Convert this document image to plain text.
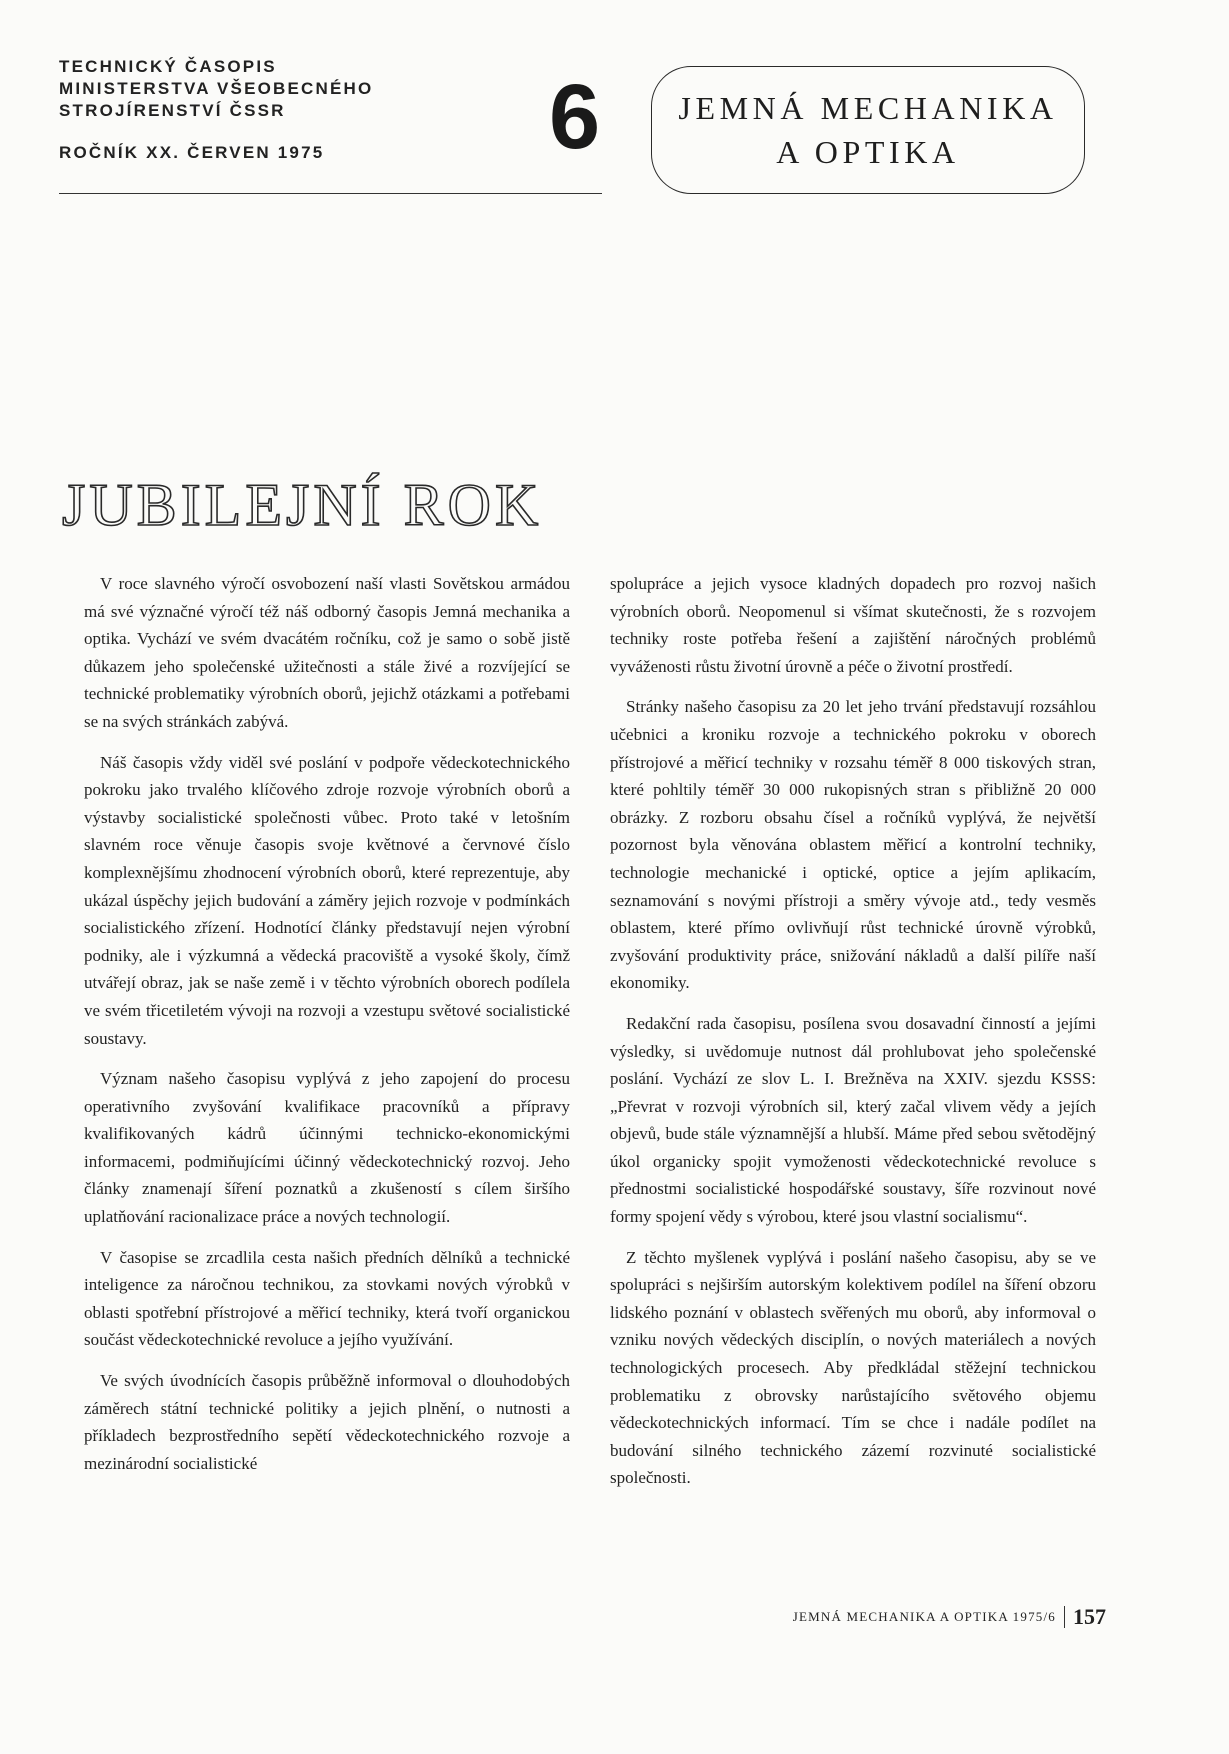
TECHNICKÝ ČASOPIS
MINISTERSTVA VŠEOBECNÉHO
STROJÍRENSTVÍ ČSSR
ROČNÍK XX. ČERVEN 1975	6 JEMNÁ MECHANIKA
A OPTIKA
JUBILEJNÍ ROK

V roce slavného výročí osvobození naší vlasti Sovětskou armádou má své význačné výročí též náš odborný časopis Jemná mechanika a optika. Vychází ve svém dvacátém ročníku, což je samo o sobě jistě důkazem jeho společenské užitečnosti a stále živé a rozvíjející se technické problematiky výrobních oborů, jejichž otázkami a potřebami se na svých stránkách zabývá.

Náš časopis vždy viděl své poslání v podpoře vědeckotechnického pokroku jako trvalého klíčového zdroje rozvoje výrobních oborů a výstavby socialistické společnosti vůbec. Proto také v letošním slavném roce věnuje časopis svoje květnové a červnové číslo komplexnějšímu zhodnocení výrobních oborů, které reprezentuje, aby ukázal úspěchy jejich budování a záměry jejich rozvoje v podmínkách socialistického zřízení. Hodnotící články představují nejen výrobní podniky, ale i výzkumná a vědecká pracoviště a vysoké školy, čímž utvářejí obraz, jak se naše země i v těchto výrobních oborech podílela ve svém třicetiletém vývoji na rozvoji a vzestupu světové socialistické soustavy.

Význam našeho časopisu vyplývá z jeho zapojení do procesu operativního zvyšování kvalifikace pracovníků a přípravy kvalifikovaných kádrů účinnými technicko-ekonomickými informacemi, podmiňujícími účinný vědeckotechnický rozvoj. Jeho články znamenají šíření poznatků a zkušeností s cílem širšího uplatňování racionalizace práce a nových technologií.

V časopise se zrcadlila cesta našich předních dělníků a technické inteligence za náročnou technikou, za stovkami nových výrobků v oblasti spotřební přístrojové a měřicí techniky, která tvoří organickou součást vědeckotechnické revoluce a jejího využívání.

Ve svých úvodnících časopis průběžně informoval o dlouhodobých záměrech státní technické politiky a jejich plnění, o nutnosti a příkladech bezprostředního sepětí vědeckotechnického rozvoje a mezinárodní socialistické

spolupráce a jejich vysoce kladných dopadech pro rozvoj našich výrobních oborů. Neopomenul si všímat skutečnosti, že s rozvojem techniky roste potřeba řešení a zajištění náročných problémů vyváženosti růstu životní úrovně a péče o životní prostředí.

Stránky našeho časopisu za 20 let jeho trvání představují rozsáhlou učebnici a kroniku rozvoje a technického pokroku v oborech přístrojové a měřicí techniky v rozsahu téměř 8 000 tiskových stran, které pohltily téměř 30 000 rukopisných stran s přibližně 20 000 obrázky. Z rozboru obsahu čísel a ročníků vyplývá, že největší pozornost byla věnována oblastem měřicí a kontrolní techniky, technologie mechanické i optické, optice a jejím aplikacím, seznamování s novými přístroji a směry vývoje atd., tedy vesměs oblastem, které přímo ovlivňují růst technické úrovně výrobků, zvyšování produktivity práce, snižování nákladů a další pilíře naší ekonomiky.

Redakční rada časopisu, posílena svou dosavadní činností a jejími výsledky, si uvědomuje nutnost dál prohlubovat jeho společenské poslání. Vychází ze slov L. I. Brežněva na XXIV. sjezdu KSSS: „Převrat v rozvoji výrobních sil, který začal vlivem vědy a jejích objevů, bude stále významnější a hlubší. Máme před sebou světodějný úkol organicky spojit vymoženosti vědeckotechnické revoluce s přednostmi socialistické hospodářské soustavy, šíře rozvinout nové formy spojení vědy s výrobou, které jsou vlastní socialismu“.

Z těchto myšlenek vyplývá i poslání našeho časopisu, aby se ve spolupráci s nejširším autorským kolektivem podílel na šíření obzoru lidského poznání v oblastech svěřených mu oborů, aby informoval o vzniku nových vědeckých disciplín, o nových materiálech a nových technologických procesech. Aby předkládal stěžejní technickou problematiku z obrovsky narůstajícího světového objemu vědeckotechnických informací. Tím se chce i nadále podílet na budování silného technického zázemí rozvinuté socialistické společnosti.

JEMNÁ MECHANIKA A OPTIKA 1975/6 157
